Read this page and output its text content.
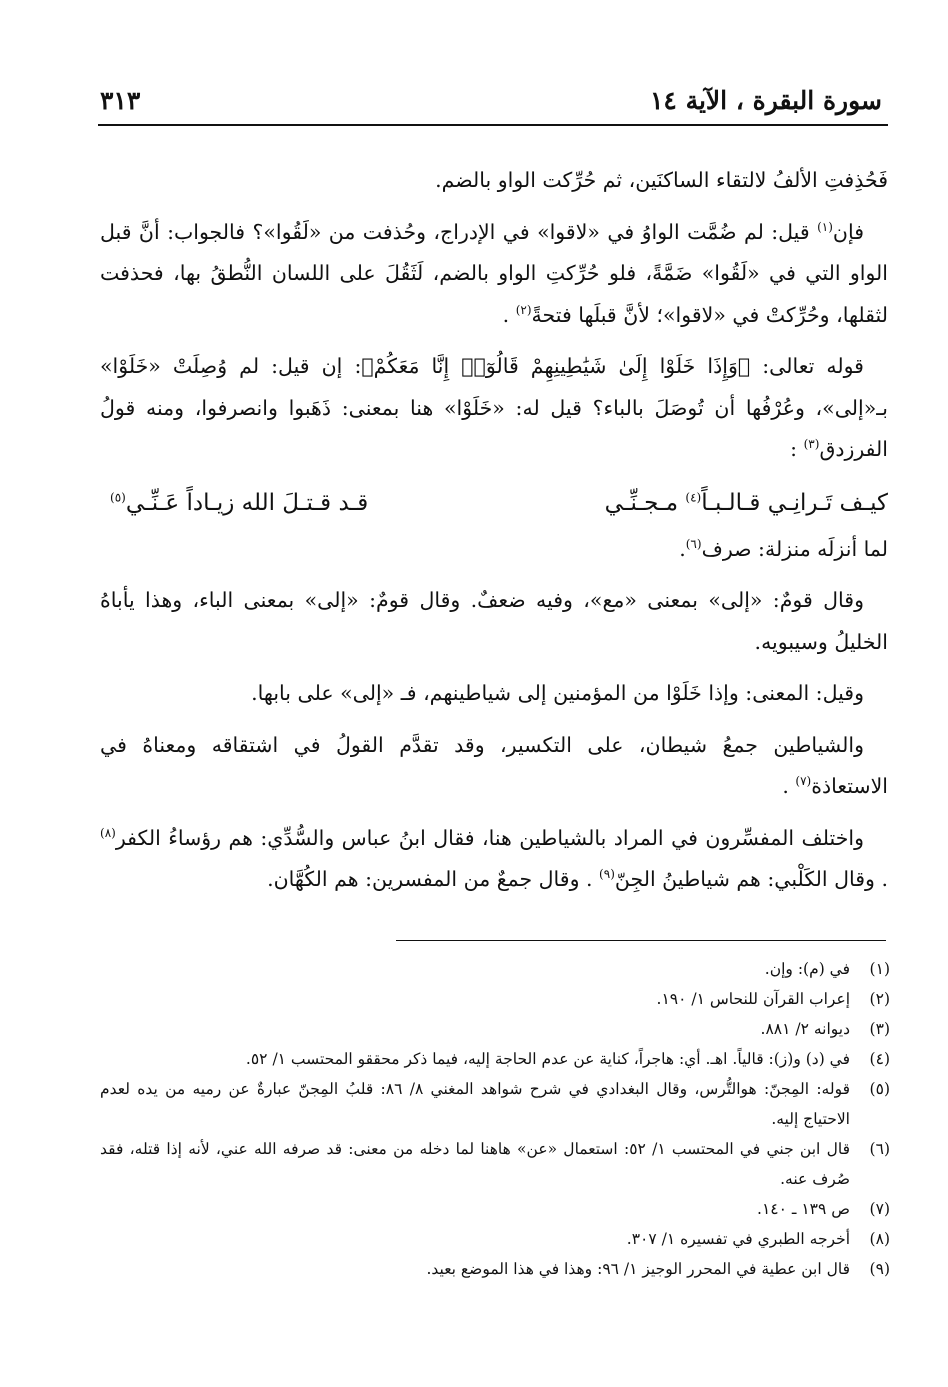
سورة البقرة ، الآية ١٤
٣١٣

فَحُذِفتِ الألفُ لالتقاء الساكنَين، ثم حُرِّكت الواو بالضم.

فإن$^{(١)}$ قيل: لم ضُمَّت الواوُ في «لاقوا» في الإدراج، وحُذفت من «لَقُوا»؟ فالجواب: أنَّ قبل الواو التي في «لَقُوا» ضَمَّةً، فلو حُرِّكتِ الواو بالضم، لَثَقُلَ على اللسان النُّطقُ بها، فحذفت لثقلها، وحُرِّكتْ في «لاقوا»؛ لأنَّ قبلَها فتحةً$^{(٢)}$ .

قوله تعالى: ﴿وَإِذَا خَلَوْا إِلَىٰ شَيَٰطِينِهِمْ قَالُوٓا۟ إِنَّا مَعَكُمْ﴾: إن قيل: لم وُصِلَتْ «خَلَوْا» بـ«إلى»، وعُرْفُها أن تُوصَلَ بالباء؟ قيل له: «خَلَوْا» هنا بمعنى: ذَهَبوا وانصرفوا، ومنه قولُ الفرزدق$^{(٣)}$ :

كيـف تَـرانِـي قـالـبـاً$^{(٤)}$ مـجـنِّـي
قـد قـتـلَ الله زيـاداً عَـنِّـي$^{(٥)}$

لما أنزلَه منزلة: صرف$^{(٦)}$.

وقال قومٌ: «إلى» بمعنى «مع»، وفيه ضعفٌ. وقال قومٌ: «إلى» بمعنى الباء، وهذا يأباهُ الخليلُ وسيبويه.

وقيل: المعنى: وإذا خَلَوْا من المؤمنين إلى شياطينهم، فـ «إلى» على بابها.

والشياطين جمعُ شيطان، على التكسير، وقد تقدَّم القولُ في اشتقاقه ومعناهُ في الاستعاذة$^{(٧)}$ .

واختلف المفسِّرون في المراد بالشياطين هنا، فقال ابنُ عباس والسُّدِّي: هم رؤساءُ الكفر$^{(٨)}$ . وقال الكَلْبي: هم شياطينُ الجِنّ$^{(٩)}$ . وقال جمعٌ من المفسرين: هم الكُهَّان.

(١)
في (م): وإن.
(٢)
إعراب القرآن للنحاس ١/ ١٩٠.
(٣)
ديوانه ٢/ ٨٨١.
(٤)
في (د) و(ز): قالياً. اهـ. أي: هاجراً، كناية عن عدم الحاجة إليه، فيما ذكر محققو المحتسب ١/ ٥٢.
(٥)
قوله: المِجنّ: هوالتُّرس، وقال البغدادي في شرح شواهد المغني ٨/ ٨٦: قلبُ المِجنّ عبارةٌ عن رميه من يده لعدم الاحتياج إليه.
(٦)
قال ابن جني في المحتسب ١/ ٥٢: استعمال «عن» هاهنا لما دخله من معنى: قد صرفه الله عني، لأنه إذا قتله، فقد صُرف عنه.
(٧)
ص ١٣٩ ـ ١٤٠.
(٨)
أخرجه الطبري في تفسيره ١/ ٣٠٧.
(٩)
قال ابن عطية في المحرر الوجيز ١/ ٩٦: وهذا في هذا الموضع بعيد.
